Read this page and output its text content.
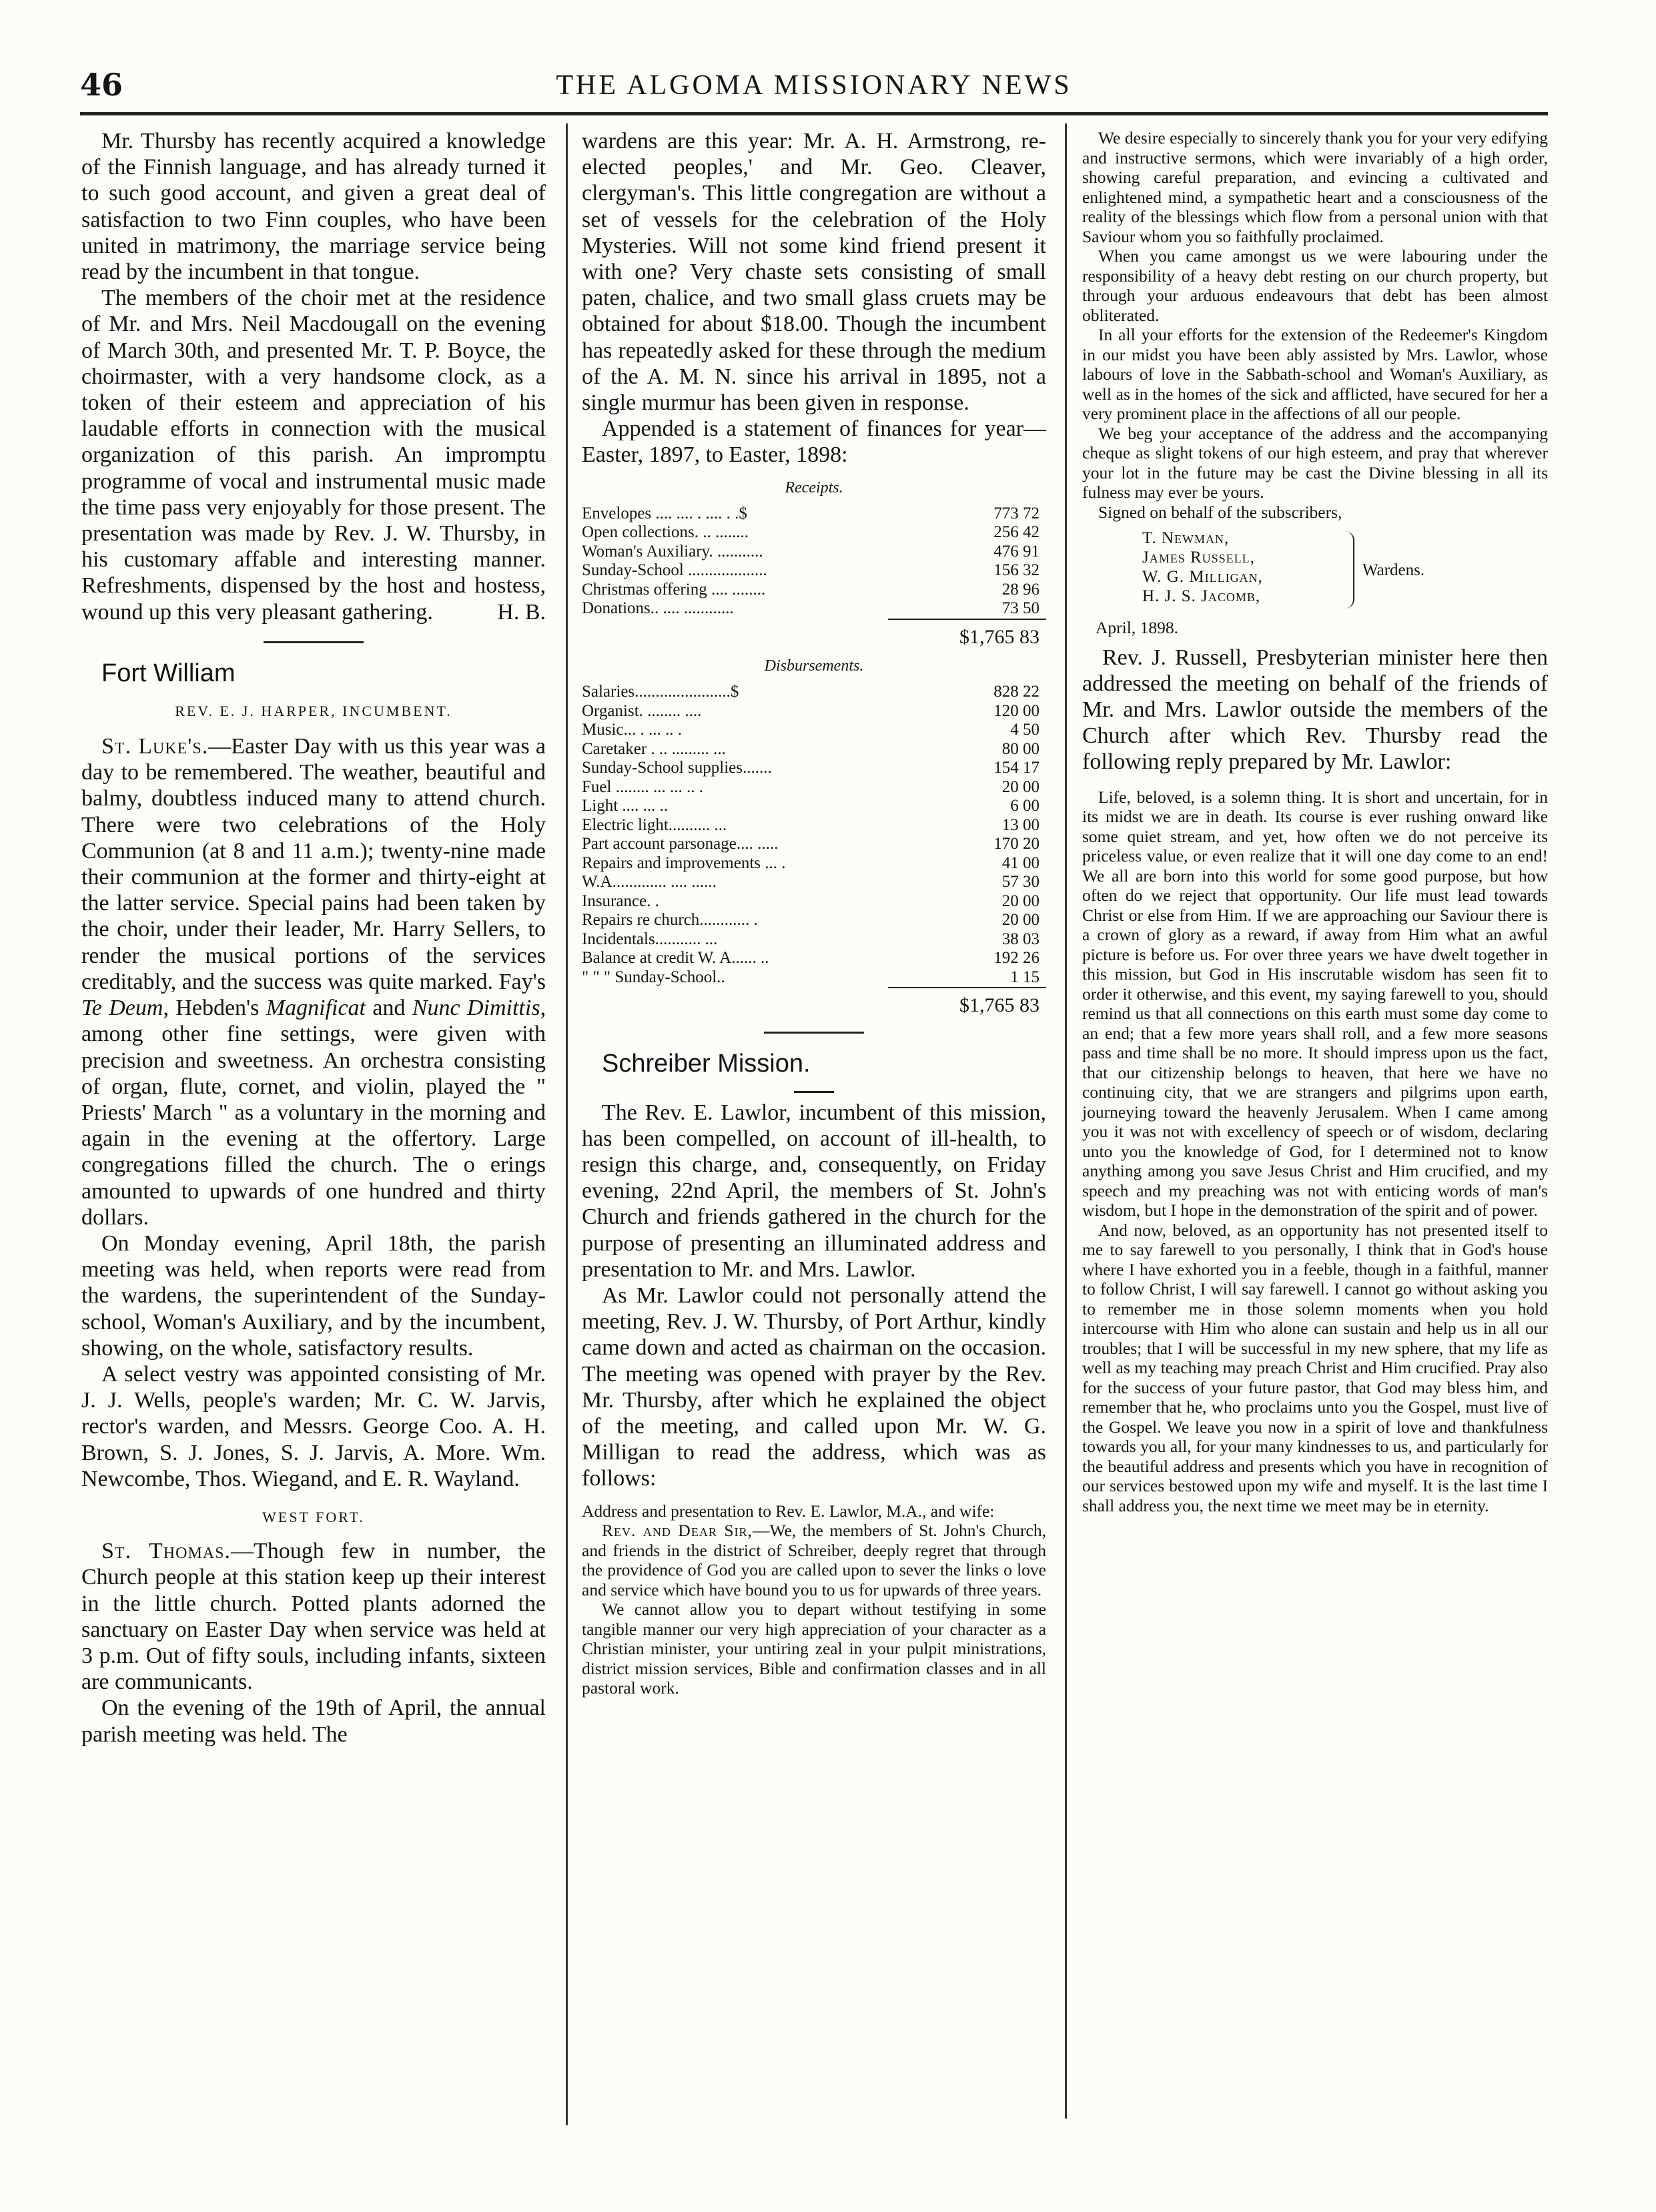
46	THE ALGOMA MISSIONARY NEWS

Mr. Thursby has recently acquired a knowledge of the Finnish language, and has already turned it to such good account, and given a great deal of satisfaction to two Finn couples, who have been united in matrimony, the marriage service being read by the incumbent in that tongue.

The members of the choir met at the residence of Mr. and Mrs. Neil Macdougall on the evening of March 30th, and presented Mr. T. P. Boyce, the choirmaster, with a very handsome clock, as a token of their esteem and appreciation of his laudable efforts in connection with the musical organization of this parish. An impromptu programme of vocal and instrumental music made the time pass very enjoyably for those present. The presentation was made by Rev. J. W. Thursby, in his customary affable and interesting manner. Refreshments, dispensed by the host and hostess, wound up this very pleasant gathering.	H. B.

Fort William

REV. E. J. HARPER, INCUMBENT.

St. Luke's.—Easter Day with us this year was a day to be remembered. The weather, beautiful and balmy, doubtless induced many to attend church. There were two celebrations of the Holy Communion (at 8 and 11 a.m.); twenty-nine made their communion at the former and thirty-eight at the latter service. Special pains had been taken by the choir, under their leader, Mr. Harry Sellers, to render the musical portions of the services creditably, and the success was quite marked. Fay's Te Deum, Hebden's Magnificat and Nunc Dimittis, among other fine settings, were given with precision and sweetness. An orchestra consisting of organ, flute, cornet, and violin, played the " Priests' March " as a voluntary in the morning and again in the evening at the offertory. Large congregations filled the church. The o erings amounted to upwards of one hundred and thirty dollars.

On Monday evening, April 18th, the parish meeting was held, when reports were read from the wardens, the superintendent of the Sunday-school, Woman's Auxiliary, and by the incumbent, showing, on the whole, satisfactory results.

A select vestry was appointed consisting of Mr. J. J. Wells, people's warden; Mr. C. W. Jarvis, rector's warden, and Messrs. George Coo. A. H. Brown, S. J. Jones, S. J. Jarvis, A. More. Wm. Newcombe, Thos. Wiegand, and E. R. Wayland.

WEST FORT.

St. Thomas.—Though few in number, the Church people at this station keep up their interest in the little church. Potted plants adorned the sanctuary on Easter Day when service was held at 3 p.m. Out of fifty souls, including infants, sixteen are communicants.

On the evening of the 19th of April, the annual parish meeting was held. The

wardens are this year: Mr. A. H. Armstrong, re-elected peoples,' and Mr. Geo. Cleaver, clergyman's. This little congregation are without a set of vessels for the celebration of the Holy Mysteries. Will not some kind friend present it with one? Very chaste sets consisting of small paten, chalice, and two small glass cruets may be obtained for about $18.00. Though the incumbent has repeatedly asked for these through the medium of the A. M. N. since his arrival in 1895, not a single murmur has been given in response.

Appended is a statement of finances for year—Easter, 1897, to Easter, 1898:

Receipts.
Envelopes .... .... . .... . .$	773 72
Open collections. .. ........	256 42
Woman's Auxiliary. ...........	476 91
Sunday-School ...................	156 32
Christmas offering .... ........	28 96
Donations.. .... ............	73 50
	$1,765 83
Disbursements.
Salaries.......................$	828 22
Organist. ........ ....	120 00
Music... . ... .. .	4 50
Caretaker . .. ......... ...	80 00
Sunday-School supplies.......	154 17
Fuel ........ ... ... .. .	20 00
Light .... ... ..	6 00
Electric light.......... ...	13 00
Part account parsonage.... .....	170 20
Repairs and improvements ... .	41 00
W.A............. .... ......	57 30
Insurance. .	20 00
Repairs re church............ .	20 00
Incidentals........... ...	38 03
Balance at credit W. A...... ..	192 26
" " " Sunday-School..	1 15
	$1,765 83

Schreiber Mission.

The Rev. E. Lawlor, incumbent of this mission, has been compelled, on account of ill-health, to resign this charge, and, consequently, on Friday evening, 22nd April, the members of St. John's Church and friends gathered in the church for the purpose of presenting an illuminated address and presentation to Mr. and Mrs. Lawlor.

As Mr. Lawlor could not personally attend the meeting, Rev. J. W. Thursby, of Port Arthur, kindly came down and acted as chairman on the occasion. The meeting was opened with prayer by the Rev. Mr. Thursby, after which he explained the object of the meeting, and called upon Mr. W. G. Milligan to read the address, which was as follows:

Address and presentation to Rev. E. Lawlor, M.A., and wife:

Rev. and Dear Sir,—We, the members of St. John's Church, and friends in the district of Schreiber, deeply regret that through the providence of God you are called upon to sever the links o love and service which have bound you to us for upwards of three years.

We cannot allow you to depart without testifying in some tangible manner our very high appreciation of your character as a Christian minister, your untiring zeal in your pulpit ministrations, district mission services, Bible and confirmation classes and in all pastoral work.

We desire especially to sincerely thank you for your very edifying and instructive sermons, which were invariably of a high order, showing careful preparation, and evincing a cultivated and enlightened mind, a sympathetic heart and a consciousness of the reality of the blessings which flow from a personal union with that Saviour whom you so faithfully proclaimed.

When you came amongst us we were labouring under the responsibility of a heavy debt resting on our church property, but through your arduous endeavours that debt has been almost obliterated.

In all your efforts for the extension of the Redeemer's Kingdom in our midst you have been ably assisted by Mrs. Lawlor, whose labours of love in the Sabbath-school and Woman's Auxiliary, as well as in the homes of the sick and afflicted, have secured for her a very prominent place in the affections of all our people.

We beg your acceptance of the address and the accompanying cheque as slight tokens of our high esteem, and pray that wherever your lot in the future may be cast the Divine blessing in all its fulness may ever be yours.

Signed on behalf of the subscribers,

T. Newman,
James Russell,
W. G. Milligan,
H. J. S. Jacomb,
Wardens.

April, 1898.

Rev. J. Russell, Presbyterian minister here then addressed the meeting on behalf of the friends of Mr. and Mrs. Lawlor outside the members of the Church after which Rev. Thursby read the following reply prepared by Mr. Lawlor:

Life, beloved, is a solemn thing. It is short and uncertain, for in its midst we are in death. Its course is ever rushing onward like some quiet stream, and yet, how often we do not perceive its priceless value, or even realize that it will one day come to an end! We all are born into this world for some good purpose, but how often do we reject that opportunity. Our life must lead towards Christ or else from Him. If we are approaching our Saviour there is a crown of glory as a reward, if away from Him what an awful picture is before us. For over three years we have dwelt together in this mission, but God in His inscrutable wisdom has seen fit to order it otherwise, and this event, my saying farewell to you, should remind us that all connections on this earth must some day come to an end; that a few more years shall roll, and a few more seasons pass and time shall be no more. It should impress upon us the fact, that our citizenship belongs to heaven, that here we have no continuing city, that we are strangers and pilgrims upon earth, journeying toward the heavenly Jerusalem. When I came among you it was not with excellency of speech or of wisdom, declaring unto you the knowledge of God, for I determined not to know anything among you save Jesus Christ and Him crucified, and my speech and my preaching was not with enticing words of man's wisdom, but I hope in the demonstration of the spirit and of power.

And now, beloved, as an opportunity has not presented itself to me to say farewell to you personally, I think that in God's house where I have exhorted you in a feeble, though in a faithful, manner to follow Christ, I will say farewell. I cannot go without asking you to remember me in those solemn moments when you hold intercourse with Him who alone can sustain and help us in all our troubles; that I will be successful in my new sphere, that my life as well as my teaching may preach Christ and Him crucified. Pray also for the success of your future pastor, that God may bless him, and remember that he, who proclaims unto you the Gospel, must live of the Gospel. We leave you now in a spirit of love and thankfulness towards you all, for your many kindnesses to us, and particularly for the beautiful address and presents which you have in recognition of our services bestowed upon my wife and myself. It is the last time I shall address you, the next time we meet may be in eternity.
